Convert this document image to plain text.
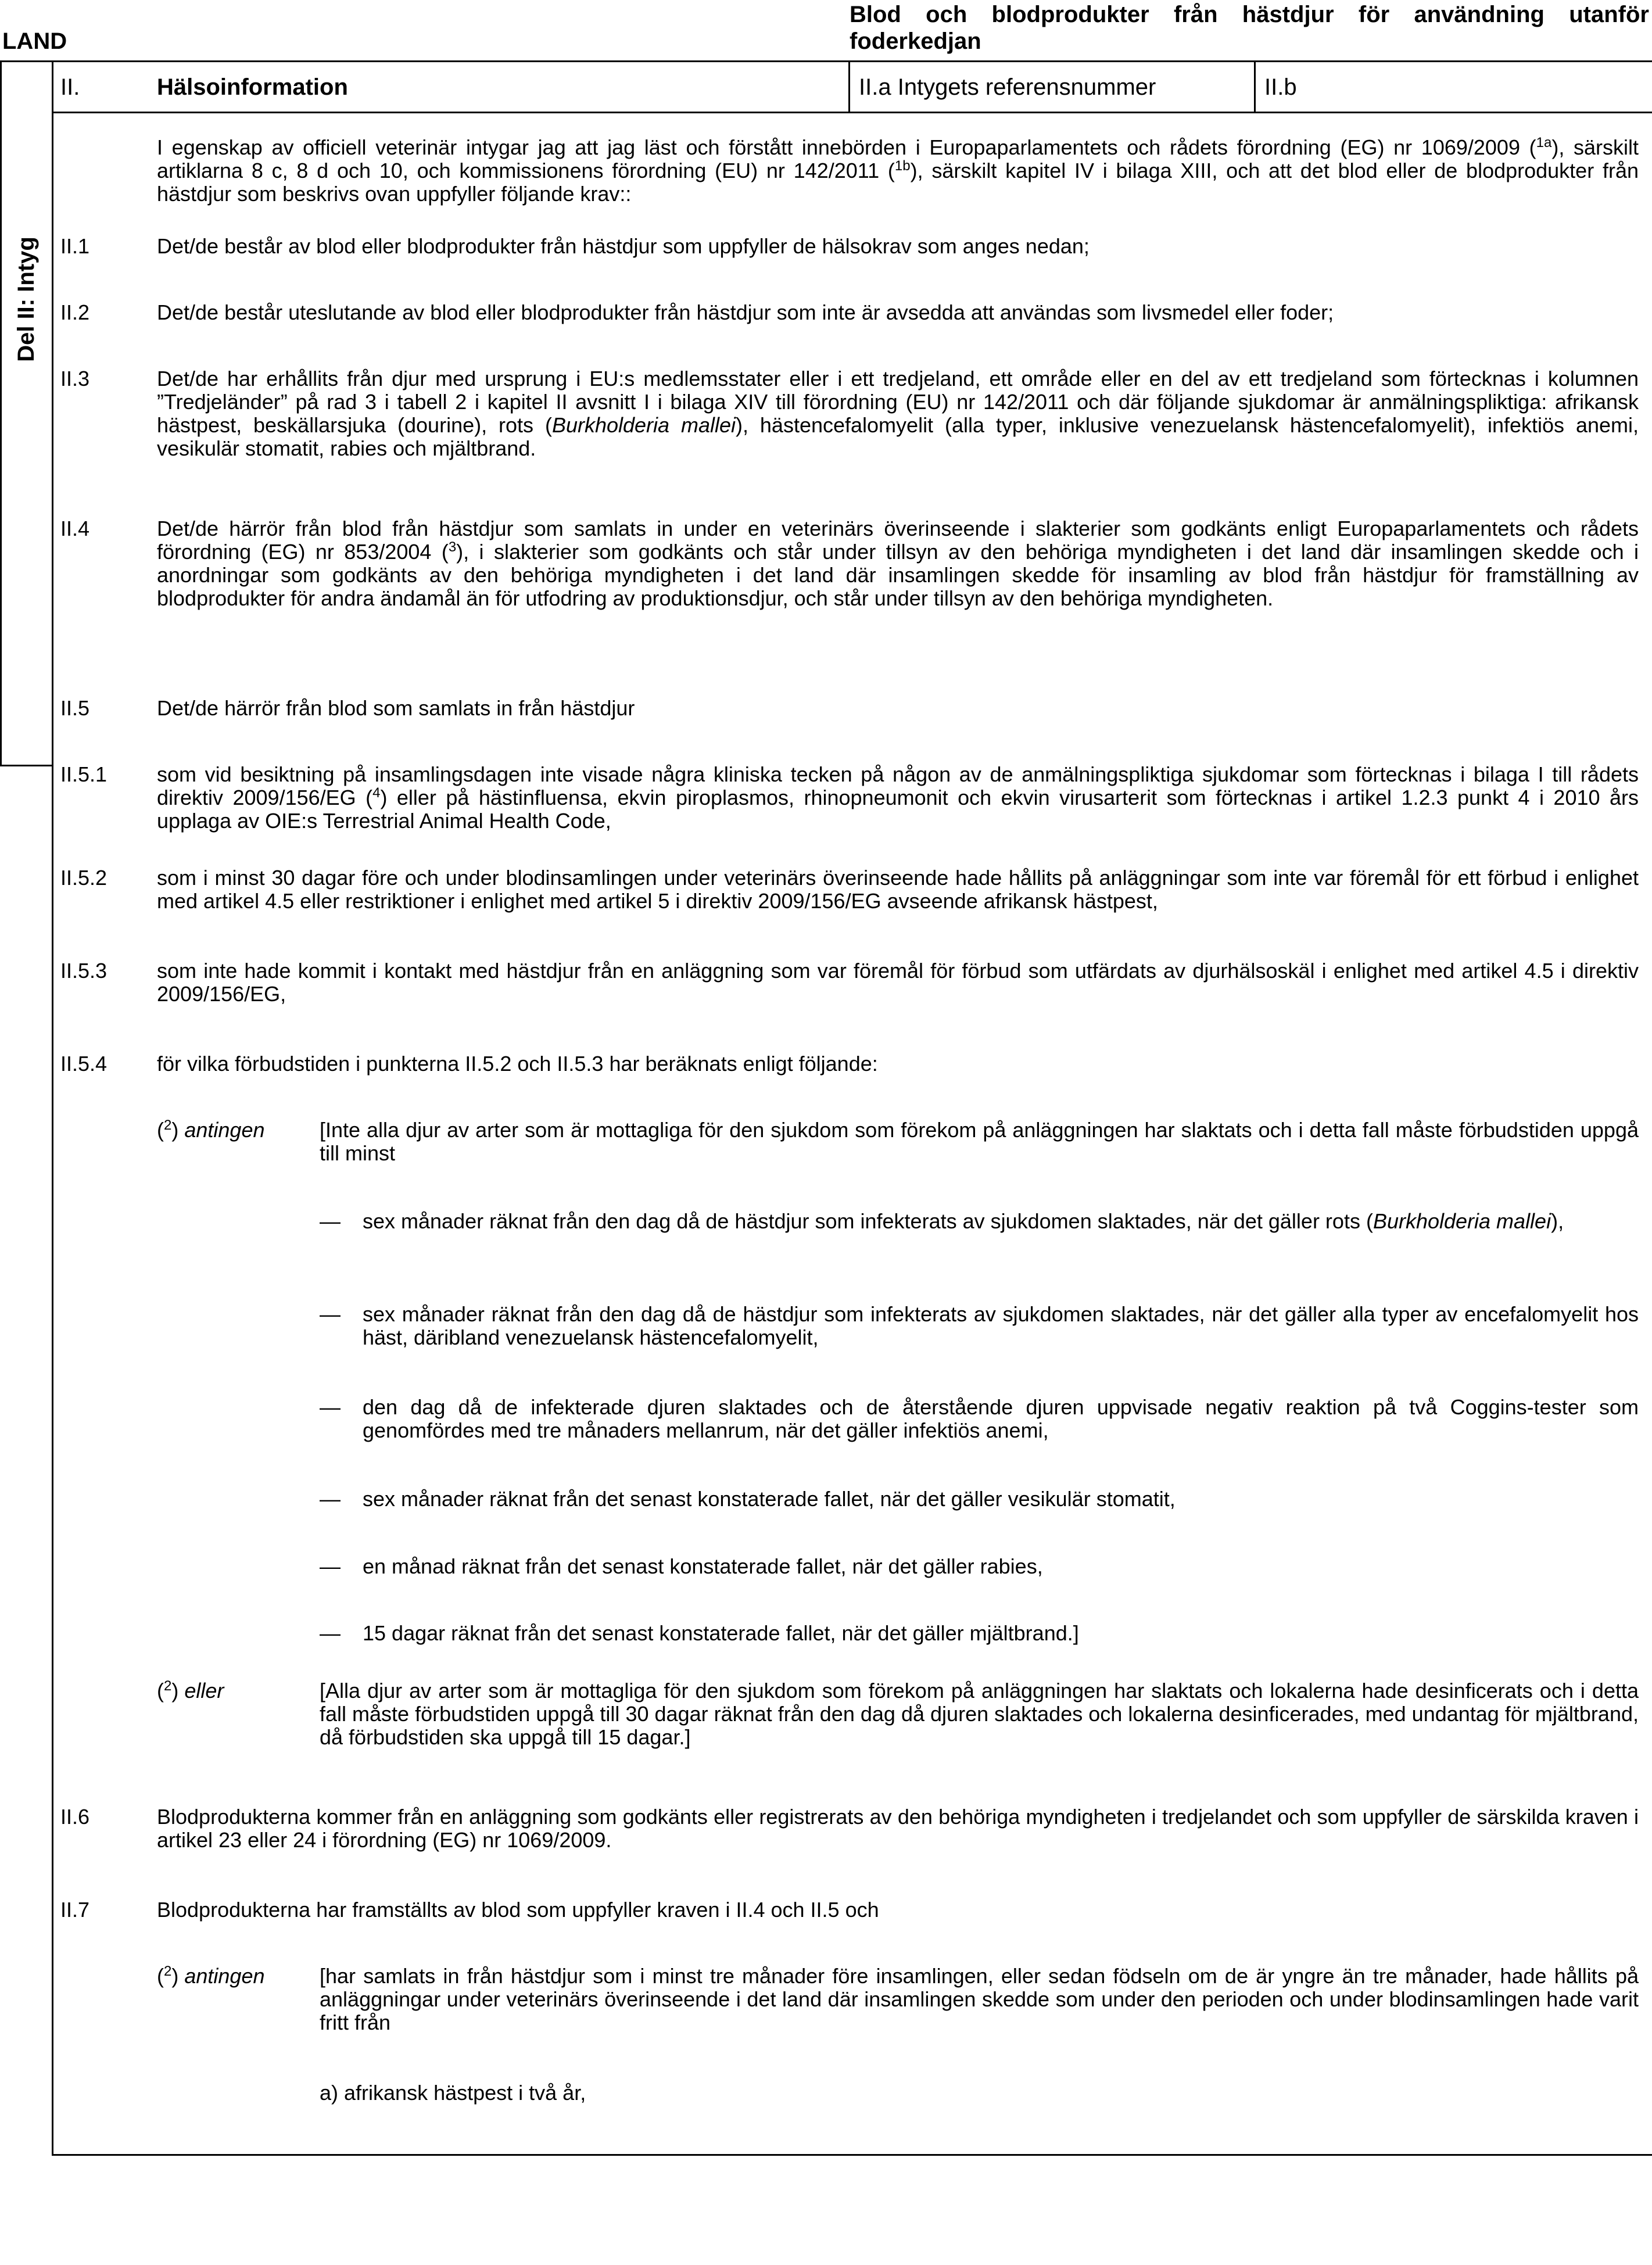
LAND
Blod och blodprodukter från hästdjur för användning utanför foderkedjan
II.	Hälsoinformation	II.a Intygets referensnummer	II.b
Del II: Intyg
I egenskap av officiell veterinär intygar jag att jag läst och förstått innebörden i Europaparlamentets och rådets förordning (EG) nr 1069/2009 ($^{1a}$), särskilt artiklarna 8 c, 8 d och 10, och kommissionens förordning (EU) nr 142/2011 ($^{1b}$), särskilt kapitel IV i bilaga XIII, och att det blod eller de blodprodukter från hästdjur som beskrivs ovan uppfyller följande krav::
II.1	Det/de består av blod eller blodprodukter från hästdjur som uppfyller de hälsokrav som anges nedan;
II.2	Det/de består uteslutande av blod eller blodprodukter från hästdjur som inte är avsedda att användas som livsmedel eller foder;
II.3	Det/de har erhållits från djur med ursprung i EU:s medlemsstater eller i ett tredjeland, ett område eller en del av ett tredjeland som förtecknas i kolumnen ”Tredjeländer” på rad 3 i tabell 2 i kapitel II avsnitt I i bilaga XIV till förordning (EU) nr 142/2011 och där följande sjukdomar är anmälningspliktiga: afrikansk hästpest, beskällarsjuka (dourine), rots (Burkholderia mallei), hästencefalomyelit (alla typer, inklusive venezuelansk hästencefalomyelit), infektiös anemi, vesikulär stomatit, rabies och mjältbrand.
II.4	Det/de härrör från blod från hästdjur som samlats in under en veterinärs överinseende i slakterier som godkänts enligt Europaparlamentets och rådets förordning (EG) nr 853/2004 ($^3$), i slakterier som godkänts och står under tillsyn av den behöriga myndigheten i det land där insamlingen skedde och i anordningar som godkänts av den behöriga myndigheten i det land där insamlingen skedde för insamling av blod från hästdjur för framställning av blodprodukter för andra ändamål än för utfodring av produktionsdjur, och står under tillsyn av den behöriga myndigheten.
II.5	Det/de härrör från blod som samlats in från hästdjur
II.5.1 som vid besiktning på insamlingsdagen inte visade några kliniska tecken på någon av de anmälningspliktiga sjukdomar som förtecknas i bilaga I till rådets direktiv 2009/156/EG ($^4$) eller på hästinfluensa, ekvin piroplasmos, rhinopneumonit och ekvin virusarterit som förtecknas i artikel 1.2.3 punkt 4 i 2010 års upplaga av OIE:s Terrestrial Animal Health Code,
II.5.2 som i minst 30 dagar före och under blodinsamlingen under veterinärs överinseende hade hållits på anläggningar som inte var föremål för ett förbud i enlighet med artikel 4.5 eller restriktioner i enlighet med artikel 5 i direktiv 2009/156/EG avseende afrikansk hästpest,
II.5.3 som inte hade kommit i kontakt med hästdjur från en anläggning som var föremål för förbud som utfärdats av djurhälsoskäl i enlighet med artikel 4.5 i direktiv 2009/156/EG,
II.5.4 för vilka förbudstiden i punkterna II.5.2 och II.5.3 har beräknats enligt följande:
($^2$) antingen	[Inte alla djur av arter som är mottagliga för den sjukdom som förekom på anläggningen har slaktats och i detta fall måste förbudstiden uppgå till minst
— sex månader räknat från den dag då de hästdjur som infekterats av sjukdomen slaktades, när det gäller rots (Burkholderia mallei),
— sex månader räknat från den dag då de hästdjur som infekterats av sjukdomen slaktades, när det gäller alla typer av encefalomyelit hos häst, däribland venezuelansk hästencefalomyelit,
— den dag då de infekterade djuren slaktades och de återstående djuren uppvisade negativ reaktion på två Coggins-tester som genomfördes med tre månaders mellanrum, när det gäller infektiös anemi,
— sex månader räknat från det senast konstaterade fallet, när det gäller vesikulär stomatit,
— en månad räknat från det senast konstaterade fallet, när det gäller rabies,
— 15 dagar räknat från det senast konstaterade fallet, när det gäller mjältbrand.]
($^2$) eller	[Alla djur av arter som är mottagliga för den sjukdom som förekom på anläggningen har slaktats och lokalerna hade desinficerats och i detta fall måste förbudstiden uppgå till 30 dagar räknat från den dag då djuren slaktades och lokalerna desinficerades, med undantag för mjältbrand, då förbudstiden ska uppgå till 15 dagar.]
II.6	Blodprodukterna kommer från en anläggning som godkänts eller registrerats av den behöriga myndigheten i tredjelandet och som uppfyller de särskilda kraven i artikel 23 eller 24 i förordning (EG) nr 1069/2009.
II.7	Blodprodukterna har framställts av blod som uppfyller kraven i II.4 och II.5 och
($^2$) antingen	[har samlats in från hästdjur som i minst tre månader före insamlingen, eller sedan födseln om de är yngre än tre månader, hade hållits på anläggningar under veterinärs överinseende i det land där insamlingen skedde som under den perioden och under blodinsamlingen hade varit fritt från
a) afrikansk hästpest i två år,
